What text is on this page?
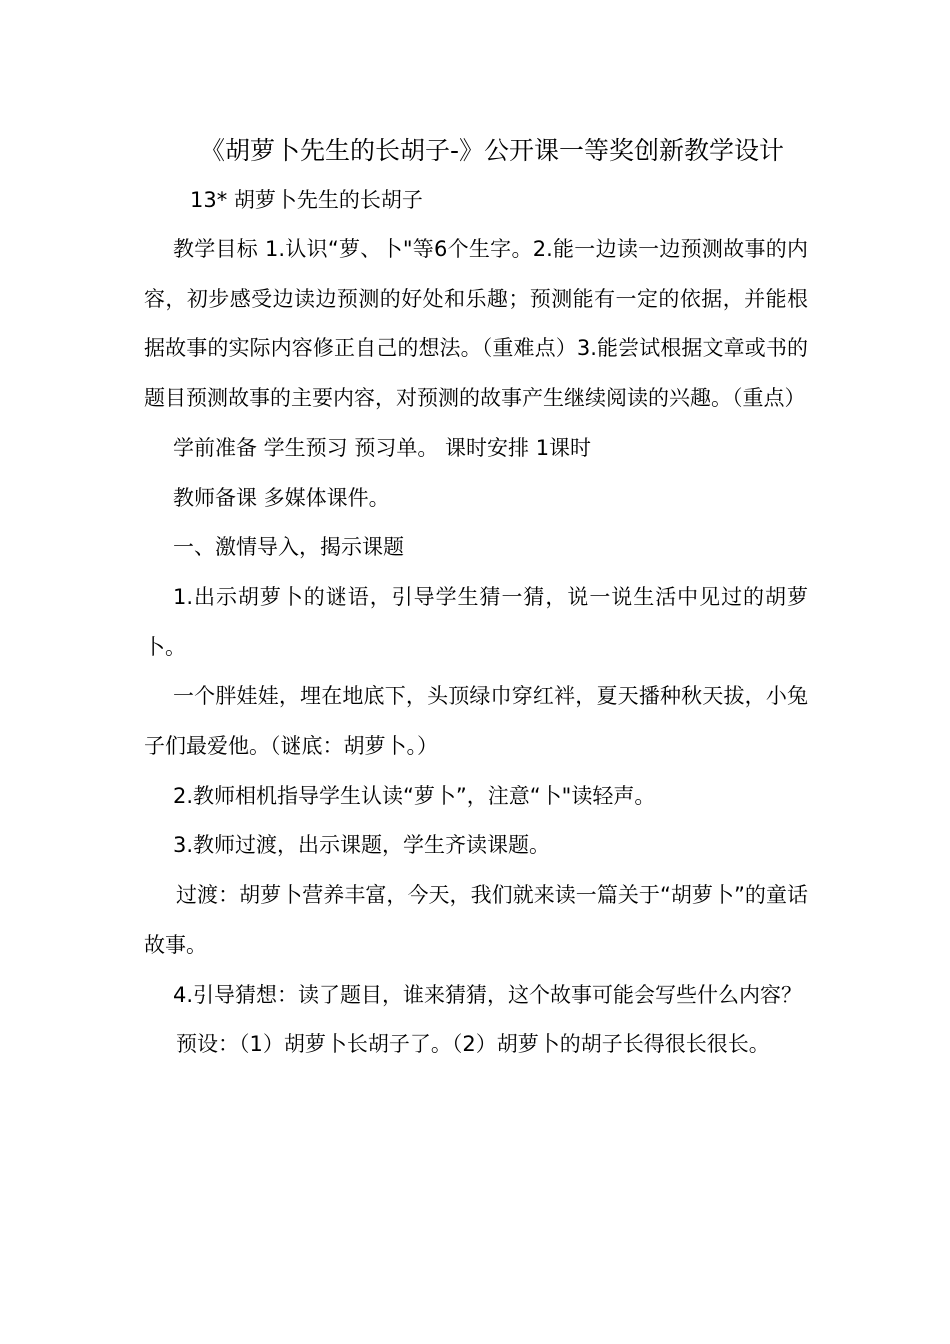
《胡萝卜先生的长胡子-》公开课一等奖创新教学设计
13* 胡萝卜先生的长胡子

教学目标 1.认识“萝、卜"等6个生字。2.能一边读一边预测故事的内容，初步感受边读边预测的好处和乐趣；预测能有一定的依据，并能根据故事的实际内容修正自己的想法。（重难点）3.能尝试根据文章或书的题目预测故事的主要内容，对预测的故事产生继续阅读的兴趣。（重点）

学前准备 学生预习 预习单。 课时安排 1课时

教师备课 多媒体课件。

一、激情导入，揭示课题

1.出示胡萝卜的谜语，引导学生猜一猜，说一说生活中见过的胡萝卜。

一个胖娃娃，埋在地底下，头顶绿巾穿红袢，夏天播种秋天拔，小兔子们最爱他。（谜底：胡萝卜。）

2.教师相机指导学生认读“萝卜”，注意“卜"读轻声。

3.教师过渡，出示课题，学生齐读课题。

过渡：胡萝卜营养丰富，今天，我们就来读一篇关于“胡萝卜”的童话故事。

4.引导猜想：读了题目，谁来猜猜，这个故事可能会写些什么内容？

预设：（1）胡萝卜长胡子了。（2）胡萝卜的胡子长得很长很长。
